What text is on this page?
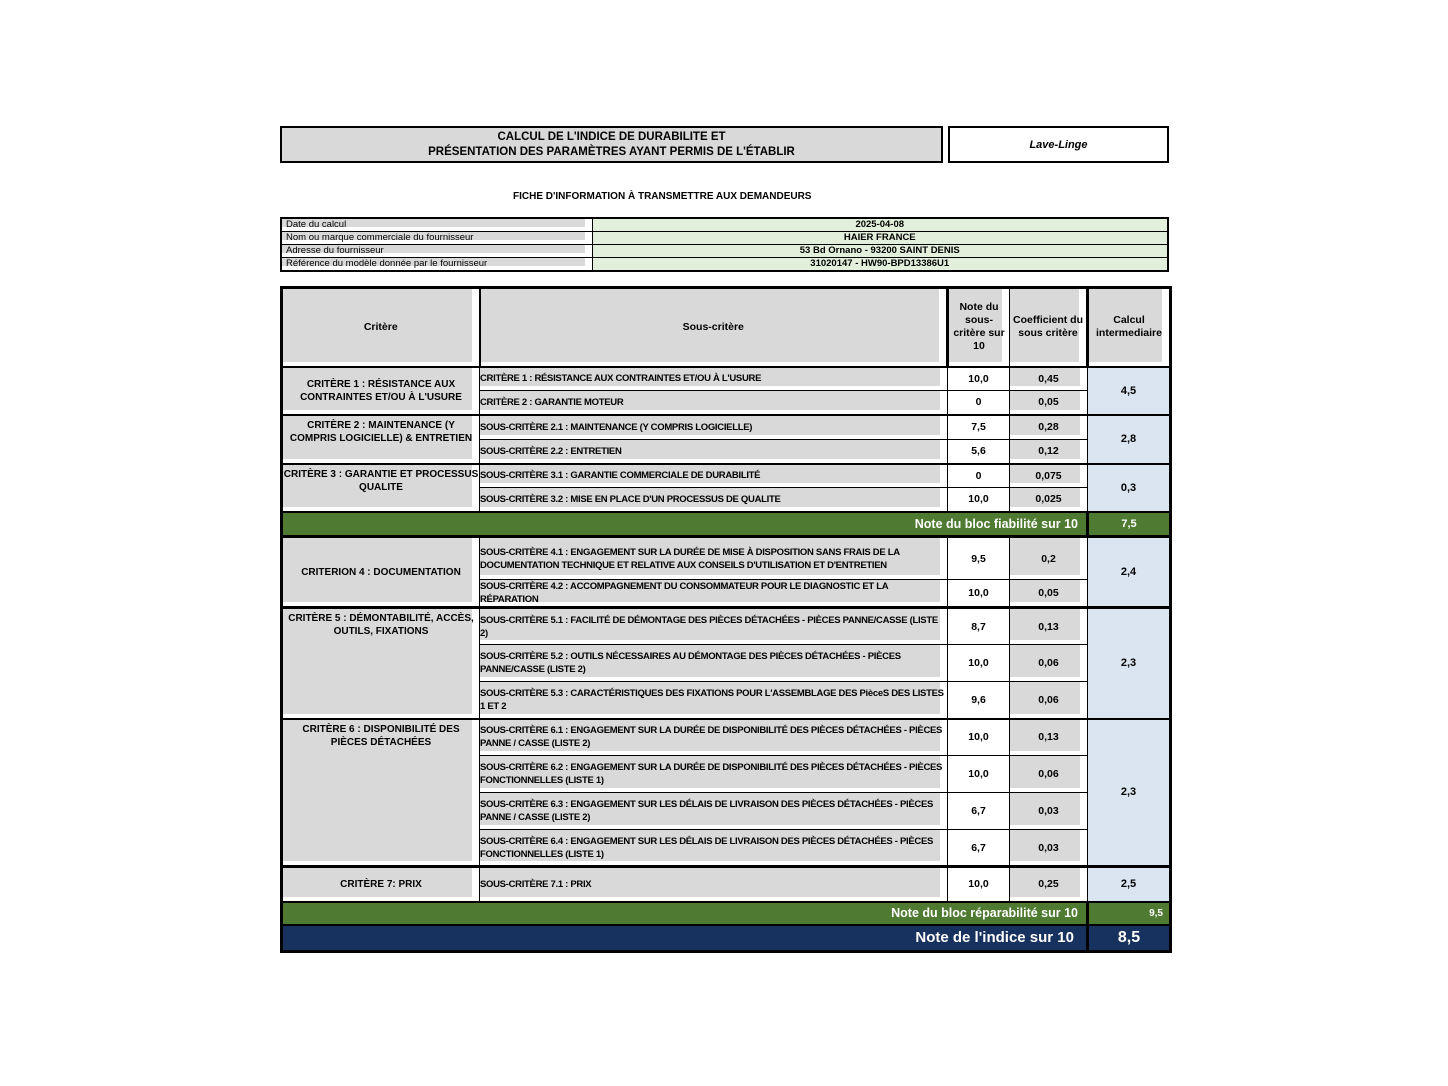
CALCUL DE L'INDICE DE DURABILITE ET
PRÉSENTATION DES PARAMÈTRES AYANT PERMIS DE L'ÉTABLIR
Lave-Linge
FICHE D'INFORMATION À TRANSMETTRE AUX DEMANDEURS
Date du calcul	2025-04-08
Nom ou marque commerciale du fournisseur	HAIER FRANCE
Adresse du fournisseur	53 Bd Ornano - 93200 SAINT DENIS
Référence du modèle donnée par le fournisseur	31020147 - HW90-BPD13386U1
Critère	Sous-critère	Note du sous-critère sur 10	Coefficient du sous critère	Calcul intermediaire
CRITÈRE 1 : RÉSISTANCE AUX CONTRAINTES ET/OU À L'USURE	CRITÈRE 1 : RÉSISTANCE AUX CONTRAINTES ET/OU À L'USURE	10,0	0,45	4,5
	CRITÈRE 2 : GARANTIE MOTEUR	0	0,05	
CRITÈRE 2 : MAINTENANCE (Y COMPRIS LOGICIELLE) & ENTRETIEN	SOUS-CRITÈRE 2.1 : MAINTENANCE (Y COMPRIS LOGICIELLE)	7,5	0,28	2,8
	SOUS-CRITÈRE 2.2 : ENTRETIEN	5,6	0,12	
CRITÈRE 3 : GARANTIE ET PROCESSUS QUALITE	SOUS-CRITÈRE 3.1 : GARANTIE COMMERCIALE DE DURABILITÉ	0	0,075	0,3
	SOUS-CRITÈRE 3.2 : MISE EN PLACE D'UN PROCESSUS DE QUALITE	10,0	0,025	
Note du bloc fiabilité sur 10				7,5
CRITERION 4 : DOCUMENTATION	SOUS-CRITÈRE 4.1 : ENGAGEMENT SUR LA DURÉE DE MISE À DISPOSITION SANS FRAIS DE LA DOCUMENTATION TECHNIQUE ET RELATIVE AUX CONSEILS D'UTILISATION ET D'ENTRETIEN	9,5	0,2	2,4
	SOUS-CRITÈRE 4.2 : ACCOMPAGNEMENT DU CONSOMMATEUR POUR LE DIAGNOSTIC ET LA RÉPARATION	10,0	0,05	
CRITÈRE 5 : DÉMONTABILITÉ, ACCÈS, OUTILS, FIXATIONS	SOUS-CRITÈRE 5.1 : FACILITÉ DE DÉMONTAGE DES PIÈCES DÉTACHÉES - PIÈCES PANNE/CASSE (LISTE 2)	8,7	0,13	2,3
	SOUS-CRITÈRE 5.2 : OUTILS NÉCESSAIRES AU DÉMONTAGE DES PIÈCES DÉTACHÉES - PIÈCES PANNE/CASSE (LISTE 2)	10,0	0,06	
	SOUS-CRITÈRE 5.3 : CARACTÉRISTIQUES DES FIXATIONS POUR L'ASSEMBLAGE DES PièceS DES LISTES 1 ET 2	9,6	0,06	
CRITÈRE 6 : DISPONIBILITÉ DES PIÈCES DÉTACHÉES	SOUS-CRITÈRE 6.1 : ENGAGEMENT SUR LA DURÉE DE DISPONIBILITÉ DES PIÈCES DÉTACHÉES - PIÈCES PANNE / CASSE (LISTE 2)	10,0	0,13	2,3
	SOUS-CRITÈRE 6.2 : ENGAGEMENT SUR LA DURÉE DE DISPONIBILITÉ DES PIÈCES DÉTACHÉES - PIÈCES FONCTIONNELLES (LISTE 1)	10,0	0,06	
	SOUS-CRITÈRE 6.3 : ENGAGEMENT SUR LES DÉLAIS DE LIVRAISON DES PIÈCES DÉTACHÉES - PIÈCES PANNE / CASSE (LISTE 2)	6,7	0,03	
	SOUS-CRITÈRE 6.4 : ENGAGEMENT SUR LES DÉLAIS DE LIVRAISON DES PIÈCES DÉTACHÉES - PIÈCES FONCTIONNELLES (LISTE 1)	6,7	0,03	
CRITÈRE 7: PRIX	SOUS-CRITÈRE 7.1 : PRIX	10,0	0,25	2,5
Note du bloc réparabilité sur 10				9,5
Note de l'indice sur 10				8,5
